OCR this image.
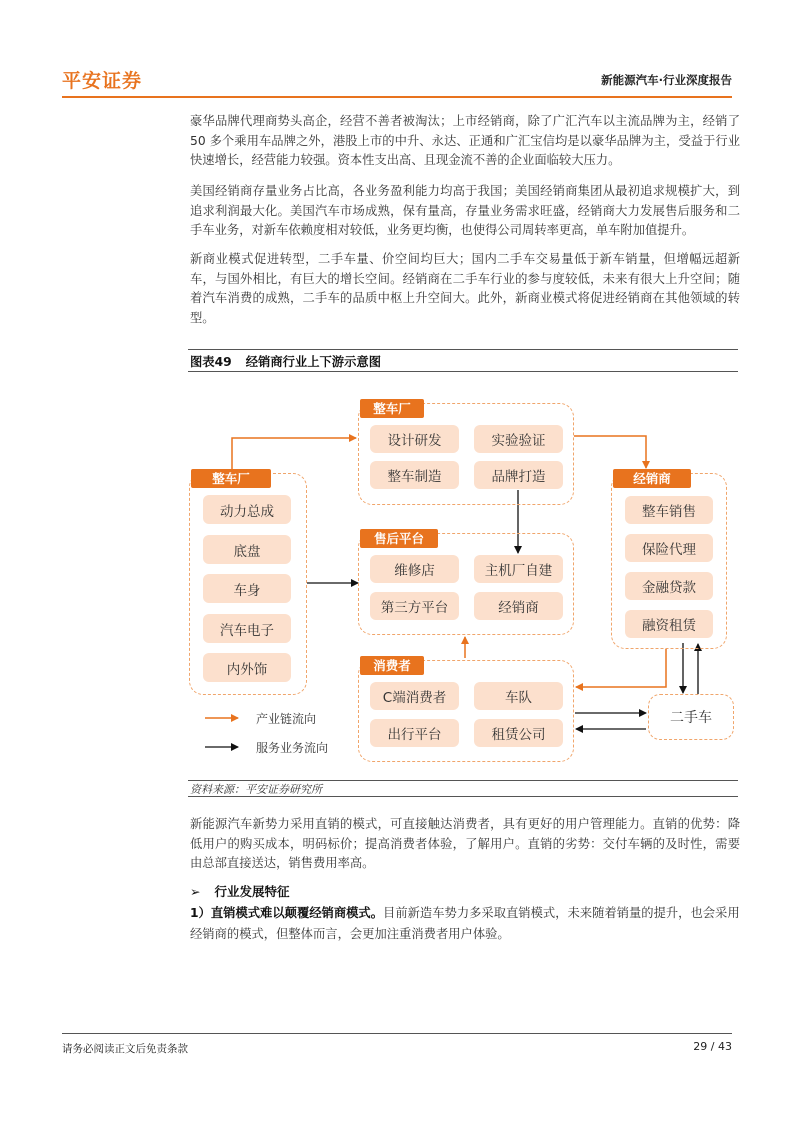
平安证券	新能源汽车·行业深度报告

豪华品牌代理商势头高企，经营不善者被淘汰；上市经销商，除了广汇汽车以主流品牌为主，经销了 50 多个乘用车品牌之外，港股上市的中升、永达、正通和广汇宝信均是以豪华品牌为主，受益于行业快速增长，经营能力较强。资本性支出高、且现金流不善的企业面临较大压力。

美国经销商存量业务占比高，各业务盈利能力均高于我国；美国经销商集团从最初追求规模扩大，到追求利润最大化。美国汽车市场成熟，保有量高，存量业务需求旺盛，经销商大力发展售后服务和二手车业务，对新车依赖度相对较低，业务更均衡，也使得公司周转率更高，单车附加值提升。

新商业模式促进转型，二手车量、价空间均巨大；国内二手车交易量低于新车销量，但增幅远超新车，与国外相比，有巨大的增长空间。经销商在二手车行业的参与度较低，未来有很大上升空间；随着汽车消费的成熟，二手车的品质中枢上升空间大。此外，新商业模式将促进经销商在其他领域的转型。

图表49 经销商行业上下游示意图
整车厂
动力总成
底盘
车身
汽车电子
内外饰
整车厂
设计研发	实验验证
整车制造	品牌打造
售后平台
维修店	主机厂自建
第三方平台	经销商
消费者
C端消费者	车队
出行平台	租赁公司
经销商
整车销售
保险代理
金融贷款
融资租赁
二手车
产业链流向
服务业务流向
资料来源：平安证券研究所

新能源汽车新势力采用直销的模式，可直接触达消费者，具有更好的用户管理能力。直销的优势：降低用户的购买成本，明码标价；提高消费者体验，了解用户。直销的劣势：交付车辆的及时性，需要由总部直接送达，销售费用率高。

➢ 行业发展特征

1）直销模式难以颠覆经销商模式。目前新造车势力多采取直销模式，未来随着销量的提升，也会采用经销商的模式，但整体而言，会更加注重消费者用户体验。

请务必阅读正文后免责条款	29 / 43
